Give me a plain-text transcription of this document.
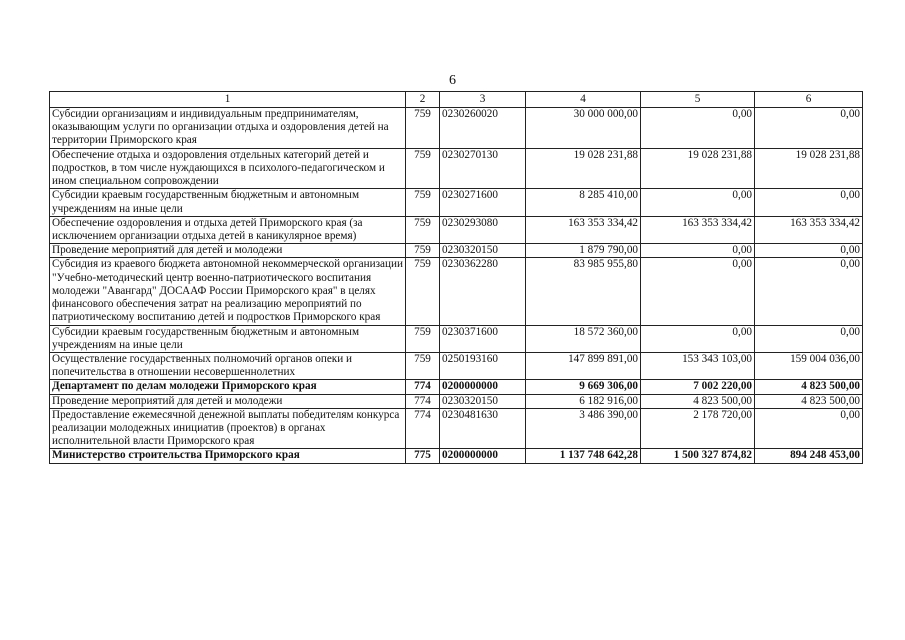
6
1	2	3	4	5	6
Субсидии организациям и индивидуальным предпринимателям, оказывающим услуги по организации отдыха и оздоровления детей на территории Приморского края	759	0230260020	30 000 000,00	0,00	0,00
Обеспечение отдыха и оздоровления отдельных категорий детей и подростков, в том числе нуждающихся в психолого-педагогическом и ином специальном сопровождении	759	0230270130	19 028 231,88	19 028 231,88	19 028 231,88
Субсидии краевым государственным бюджетным и автономным учреждениям на иные цели	759	0230271600	8 285 410,00	0,00	0,00
Обеспечение оздоровления и отдыха детей Приморского края (за исключением организации отдыха детей в каникулярное время)	759	0230293080	163 353 334,42	163 353 334,42	163 353 334,42
Проведение мероприятий для детей и молодежи	759	0230320150	1 879 790,00	0,00	0,00
Субсидия из краевого бюджета автономной некоммерческой организации "Учебно-методический центр военно-патриотического воспитания молодежи "Авангард" ДОСААФ России Приморского края" в целях финансового обеспечения затрат на реализацию мероприятий по патриотическому воспитанию детей и подростков Приморского края	759	0230362280	83 985 955,80	0,00	0,00
Субсидии краевым государственным бюджетным и автономным учреждениям на иные цели	759	0230371600	18 572 360,00	0,00	0,00
Осуществление государственных полномочий органов опеки и попечительства в отношении несовершеннолетних	759	0250193160	147 899 891,00	153 343 103,00	159 004 036,00
Департамент по делам молодежи Приморского края	774	0200000000	9 669 306,00	7 002 220,00	4 823 500,00
Проведение мероприятий для детей и молодежи	774	0230320150	6 182 916,00	4 823 500,00	4 823 500,00
Предоставление ежемесячной денежной выплаты победителям конкурса реализации молодежных инициатив (проектов) в органах исполнительной власти Приморского края	774	0230481630	3 486 390,00	2 178 720,00	0,00
Министерство строительства Приморского края	775	0200000000	1 137 748 642,28	1 500 327 874,82	894 248 453,00
